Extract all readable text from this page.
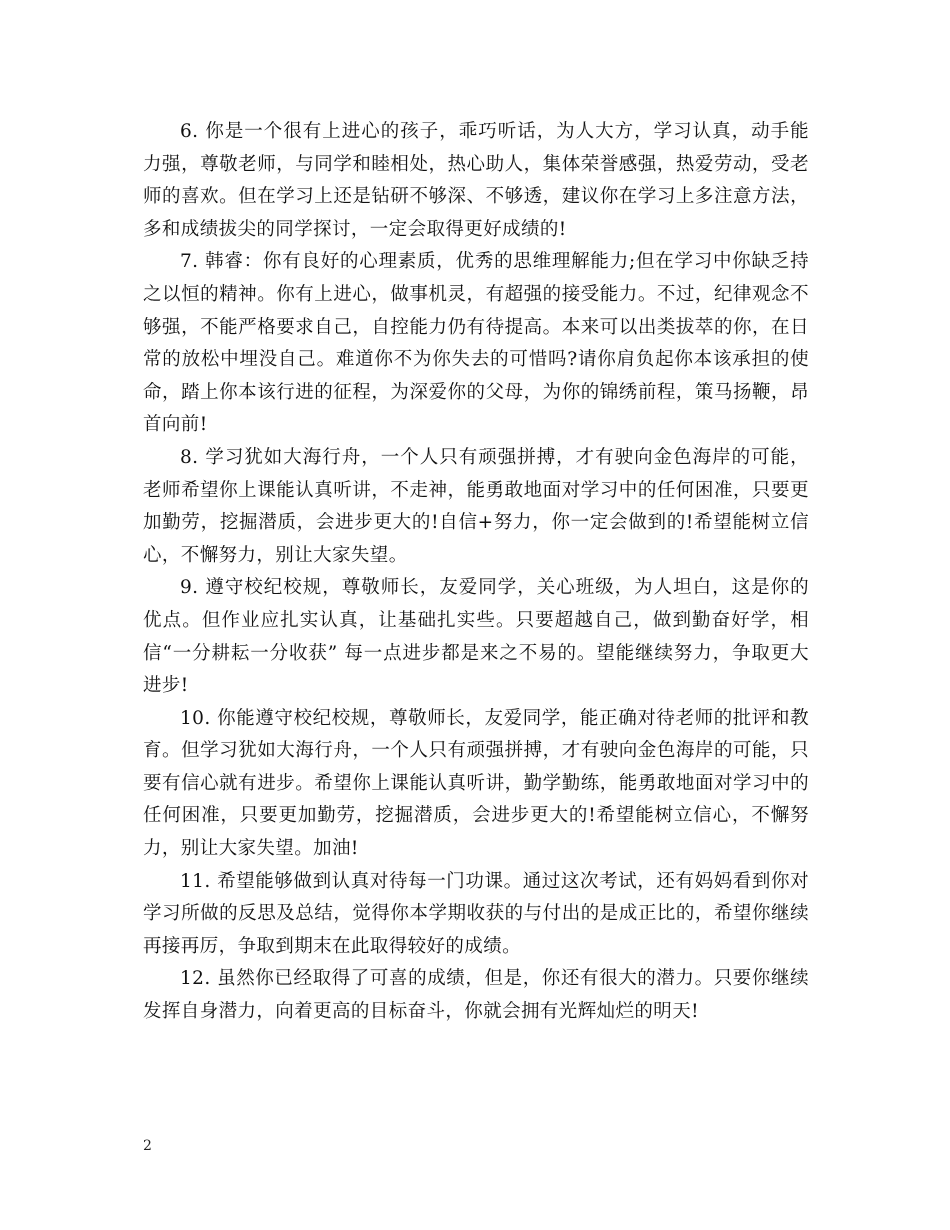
6. 你是一个很有上进心的孩子，乖巧听话，为人大方，学习认真，动手能力强，尊敬老师，与同学和睦相处，热心助人，集体荣誉感强，热爱劳动，受老师的喜欢。但在学习上还是钻研不够深、不够透，建议你在学习上多注意方法，多和成绩拔尖的同学探讨，一定会取得更好成绩的!

7. 韩睿：你有良好的心理素质，优秀的思维理解能力;但在学习中你缺乏持之以恒的精神。你有上进心，做事机灵，有超强的接受能力。不过，纪律观念不够强，不能严格要求自己，自控能力仍有待提高。本来可以出类拔萃的你，在日常的放松中埋没自己。难道你不为你失去的可惜吗?请你肩负起你本该承担的使命，踏上你本该行进的征程，为深爱你的父母，为你的锦绣前程，策马扬鞭，昂首向前!

8. 学习犹如大海行舟，一个人只有顽强拼搏，才有驶向金色海岸的可能，老师希望你上课能认真听讲，不走神，能勇敢地面对学习中的任何困准，只要更加勤劳，挖掘潜质，会进步更大的!自信+努力，你一定会做到的!希望能树立信心，不懈努力，别让大家失望。

9. 遵守校纪校规，尊敬师长，友爱同学，关心班级，为人坦白，这是你的优点。但作业应扎实认真，让基础扎实些。只要超越自己，做到勤奋好学，相信“一分耕耘一分收获” 每一点进步都是来之不易的。望能继续努力，争取更大进步!

10. 你能遵守校纪校规，尊敬师长，友爱同学，能正确对待老师的批评和教育。但学习犹如大海行舟，一个人只有顽强拼搏，才有驶向金色海岸的可能，只要有信心就有进步。希望你上课能认真听讲，勤学勤练，能勇敢地面对学习中的任何困准，只要更加勤劳，挖掘潜质，会进步更大的!希望能树立信心，不懈努力，别让大家失望。加油!

11. 希望能够做到认真对待每一门功课。通过这次考试，还有妈妈看到你对学习所做的反思及总结，觉得你本学期收获的与付出的是成正比的，希望你继续再接再厉，争取到期末在此取得较好的成绩。

12. 虽然你已经取得了可喜的成绩，但是，你还有很大的潜力。只要你继续发挥自身潜力，向着更高的目标奋斗，你就会拥有光辉灿烂的明天!

2
